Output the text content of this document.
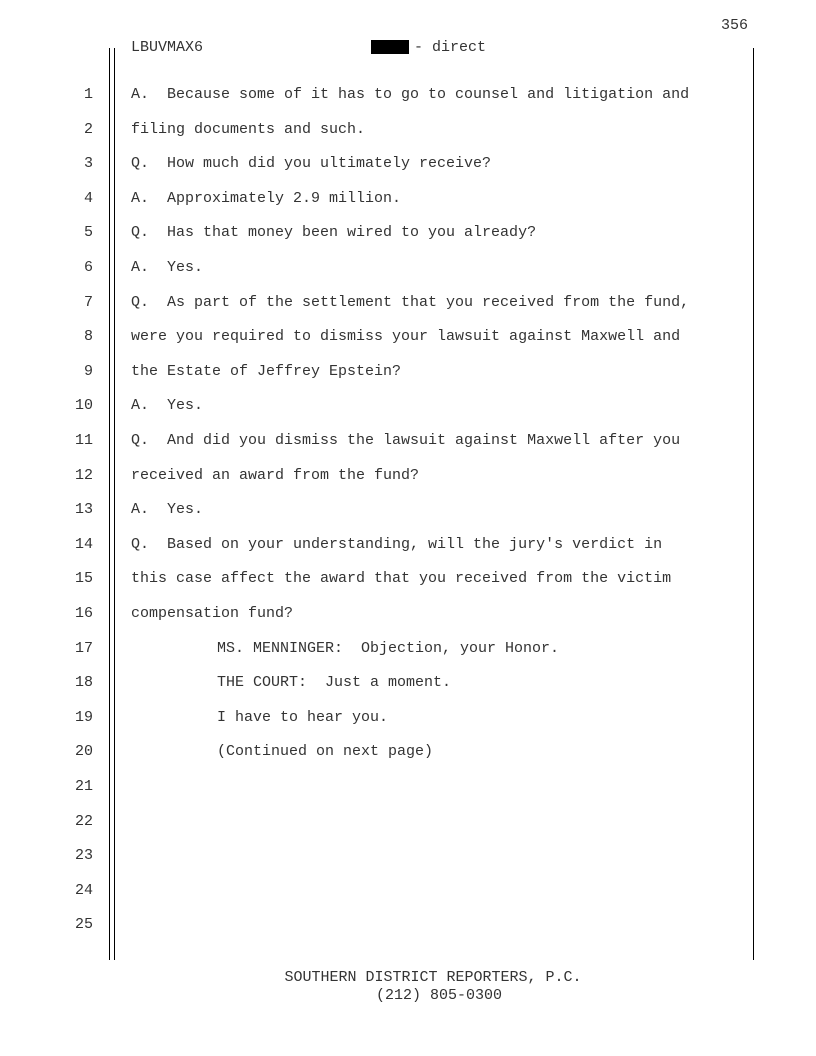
356
LBUVMAX6	- direct
1	A.  Because some of it has to go to counsel and litigation and
2	filing documents and such.
3	Q.  How much did you ultimately receive?
4	A.  Approximately 2.9 million.
5	Q.  Has that money been wired to you already?
6	A.  Yes.
7	Q.  As part of the settlement that you received from the fund,
8	were you required to dismiss your lawsuit against Maxwell and
9	the Estate of Jeffrey Epstein?
10	A.  Yes.
11	Q.  And did you dismiss the lawsuit against Maxwell after you
12	received an award from the fund?
13	A.  Yes.
14	Q.  Based on your understanding, will the jury's verdict in
15	this case affect the award that you received from the victim
16	compensation fund?
17	MS. MENNINGER:  Objection, your Honor.
18	THE COURT:  Just a moment.
19	I have to hear you.
20	(Continued on next page)
21
22
23
24
25
SOUTHERN DISTRICT REPORTERS, P.C.
(212) 805-0300
